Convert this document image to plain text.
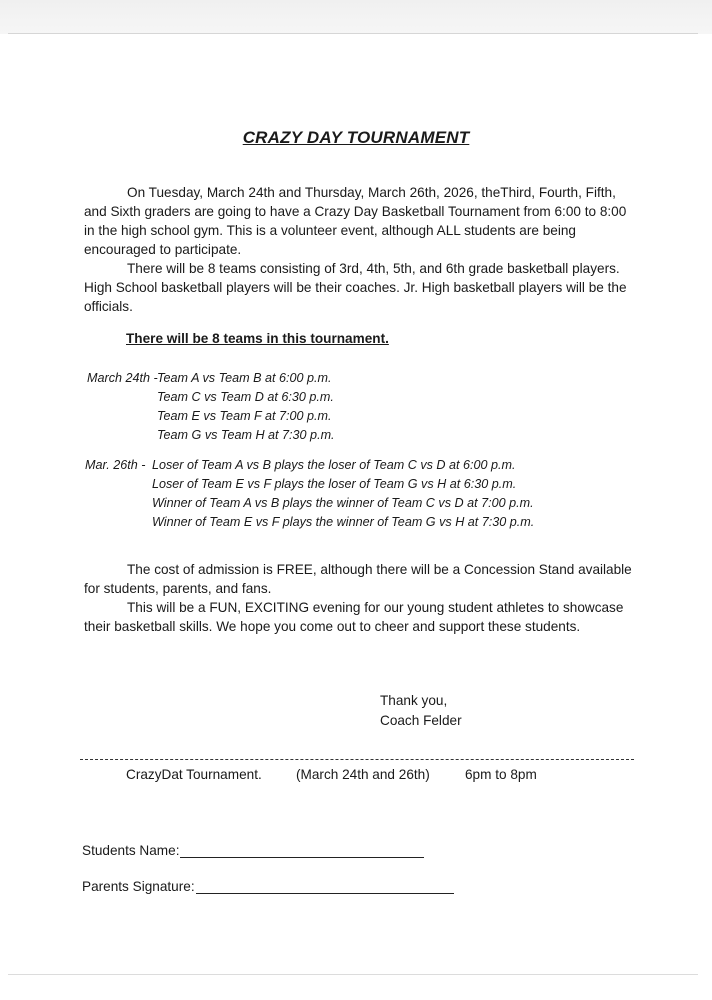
CRAZY DAY TOURNAMENT

On Tuesday, March 24th and Thursday, March 26th, 2026, theThird, Fourth, Fifth, and Sixth graders are going to have a Crazy Day Basketball Tournament from 6:00 to 8:00 in the high school gym. This is a volunteer event, although ALL students are being encouraged to participate.

There will be 8 teams consisting of 3rd, 4th, 5th, and 6th grade basketball players. High School basketball players will be their coaches. Jr. High basketball players will be the officials.

There will be 8 teams in this tournament.
March 24th - Team A vs Team B at 6:00 p.m.
Team C vs Team D at 6:30 p.m.
Team E vs Team F at 7:00 p.m.
Team G vs Team H at 7:30 p.m.
Mar. 26th - Loser of Team A vs B plays the loser of Team C vs D at 6:00 p.m.
Loser of Team E vs F plays the loser of Team G vs H at 6:30 p.m.
Winner of Team A vs B plays the winner of Team C vs D at 7:00 p.m.
Winner of Team E vs F plays the winner of Team G vs H at 7:30 p.m.

The cost of admission is FREE, although there will be a Concession Stand available for students, parents, and fans.

This will be a FUN, EXCITING evening for our young student athletes to showcase their basketball skills. We hope you come out to cheer and support these students.

Thank you,
Coach Felder
CrazyDat Tournament.	(March 24th and 26th)	6pm to 8pm
Students Name:
Parents Signature:
